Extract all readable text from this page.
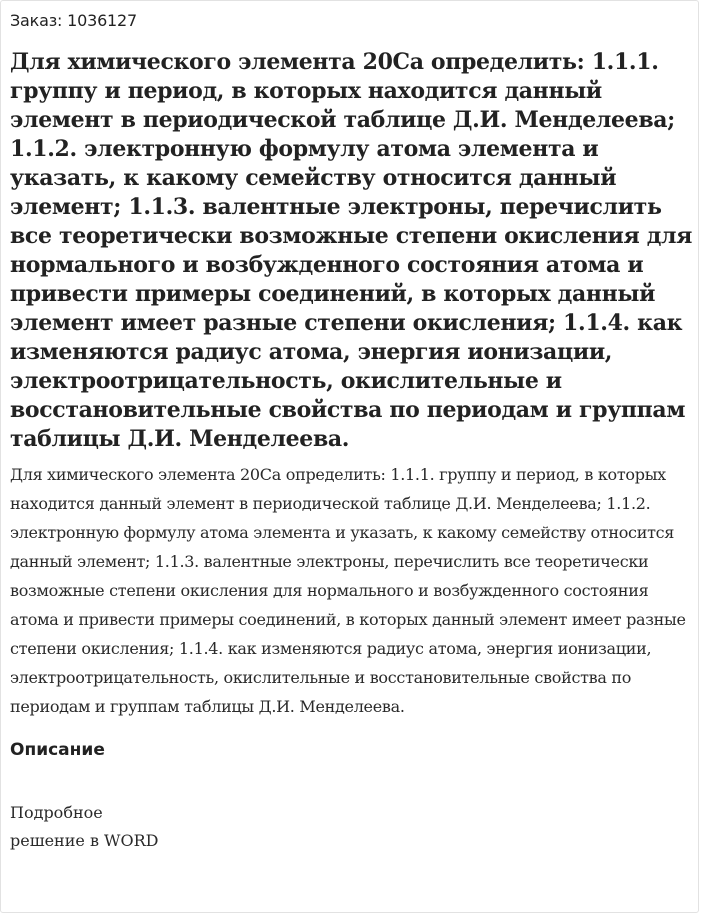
Заказ: 1036127

Для химического элемента 20Са определить: 1.1.1. группу и период, в которых находится данный элемент в периодической таблице Д.И. Менделеева; 1.1.2. электронную формулу атома элемента и указать, к какому семейству относится данный элемент; 1.1.3. валентные электроны, перечислить все теоретически возможные степени окисления для нормального и возбужденного состояния атома и привести примеры соединений, в которых данный элемент имеет разные степени окисления; 1.1.4. как изменяются радиус атома, энергия ионизации, электроотрицательность, окислительные и восстановительные свойства по периодам и группам таблицы Д.И. Менделеева.

Для химического элемента 20Са определить: 1.1.1. группу и период, в которых находится данный элемент в периодической таблице Д.И. Менделеева; 1.1.2. электронную формулу атома элемента и указать, к какому семейству относится данный элемент; 1.1.3. валентные электроны, перечислить все теоретически возможные степени окисления для нормального и возбужденного состояния атома и привести примеры соединений, в которых данный элемент имеет разные степени окисления; 1.1.4. как изменяются радиус атома, энергия ионизации, электроотрицательность, окислительные и восстановительные свойства по периодам и группам таблицы Д.И. Менделеева.

Описание
Подробное
решение в WORD
